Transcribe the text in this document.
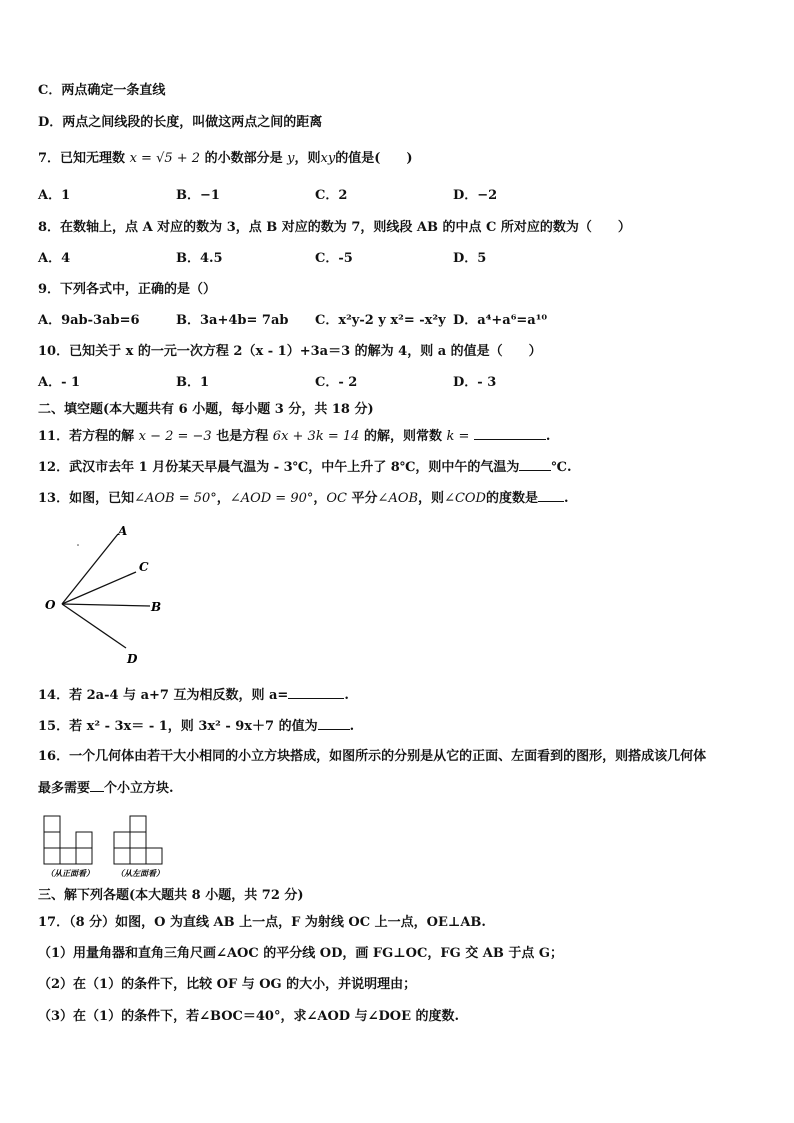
C．两点确定一条直线
D．两点之间线段的长度，叫做这两点之间的距离
7．已知无理数 x = √5 + 2 的小数部分是 y，则xy的值是(　　)
A．1	B．−1	C．2	D．−2
8．在数轴上，点 A 对应的数为 3，点 B 对应的数为 7，则线段 AB 的中点 C 所对应的数为（　　）
A．4	B．4.5	C．-5	D．5
9．下列各式中，正确的是（）
A．9ab-3ab=6	B．3a+4b= 7ab C．x²y-2 y x²= -x²y D．a⁴+a⁶=a¹⁰
10．已知关于 x 的一元一次方程 2（x - 1）+3a＝3 的解为 4，则 a 的值是（　　）
A．- 1	B．1	C．- 2	D．- 3
二、填空题(本大题共有 6 小题，每小题 3 分，共 18 分)
11．若方程的解 x − 2 = −3 也是方程 6x + 3k = 14 的解，则常数 k =	.
12．武汉市去年 1 月份某天早晨气温为 - 3℃，中午上升了 8℃，则中午的气温为 ℃.
13．如图，已知∠AOB = 50°，∠AOD = 90°，OC 平分∠AOB，则∠COD的度数是 .
O
A
C
B
D
14．若 2a-4 与 a+7 互为相反数，则 a=	.
15．若 x² - 3x＝ - 1，则 3x² - 9x＋7 的值为 .
16．一个几何体由若干大小相同的小立方块搭成，如图所示的分别是从它的正面、左面看到的图形，则搭成该几何体
最多需要 个小立方块.
（从正面看）	（从左面看）
三、解下列各题(本大题共 8 小题，共 72 分)
17．（8 分）如图，O 为直线 AB 上一点，F 为射线 OC 上一点，OE⊥AB.
（1）用量角器和直角三角尺画∠AOC 的平分线 OD，画 FG⊥OC，FG 交 AB 于点 G；
（2）在（1）的条件下，比较 OF 与 OG 的大小，并说明理由；
（3）在（1）的条件下，若∠BOC＝40°，求∠AOD 与∠DOE 的度数.
